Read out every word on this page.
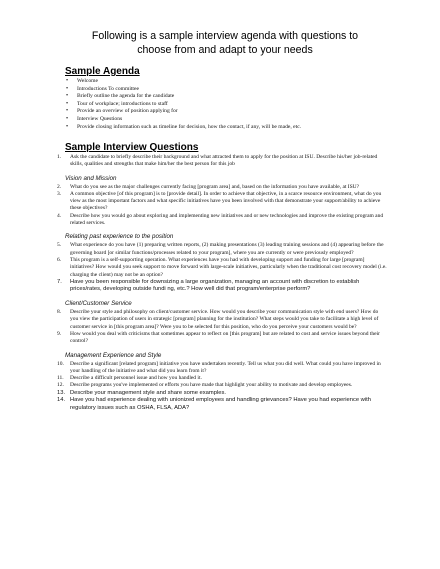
Following is a sample interview agenda with questions to
choose from and adapt to your needs
Sample Agenda
• Welcome
• Introductions To committee
• Briefly outline the agenda for the candidate
• Tour of workplace; introductions to staff
• Provide an overview of position applying for
• Interview Questions
• Provide closing information such as timeline for decision, how the contact, if any, will be made, etc.
Sample Interview Questions
1.	Ask the candidate to briefly describe their background and what attracted them to apply for the position at ISU. Describe his/her job-related skills, qualities and strengths that make him/her the best person for this job
Vision and Mission
2.	What do you see as the major challenges currently facing [program area] and, based on the information you have available, at ISU?
3.	A common objective [of this program] is to [provide detail]. In order to achieve that objective, in a scarce resource environment, what do you view as the most important factors and what specific initiatives have you been involved with that demonstrate your support/ability to achieve these objectives?
4.	Describe how you would go about exploring and implementing new initiatives and or new technologies and improve the existing program and related services.
Relating past experience to the position
5.	What experience do you have (1) preparing written reports, (2) making presentations (3) leading training sessions and (4) appearing before the governing board [or similar functions/processes related to your program], where you are currently or were previously employed?
6.	This program is a self-supporting operation. What experiences have you had with developing support and funding for large [program] initiatives? How would you seek support to move forward with large-scale initiatives, particularly when the traditional cost recovery model (i.e. charging the client) may not be an option?
7.	Have you been responsible for downsizing a large organization, managing an account with discretion to establish prices/rates, developing outside fundi ng, etc.? How well did that program/enterprise perform?
Client/Customer Service
8.	Describe your style and philosophy on client/customer service. How would you describe your communication style with end users? How do you view the participation of users in strategic [program] planning for the institution? What steps would you take to facilitate a high level of customer service in [this program area]? Were you to be selected for this position, who do you perceive your customers would be?
9.	How would you deal with criticisms that sometimes appear to reflect on [this program] but are related to cost and service issues beyond their control?
Management Experience and Style
10.	Describe a significant [related program] initiative you have undertaken recently. Tell us what you did well. What could you have improved in your handling of the initiative and what did you learn from it?
11.	Describe a difficult personnel issue and how you handled it.
12.	Describe programs you've implemented or efforts you have made that highlight your ability to motivate and develop employees.
13. Describe your management style and share some examples.
14. Have you had experience dealing with unionized employees and handling grievances? Have you had experience with regulatory issues such as OSHA, FLSA, ADA?
